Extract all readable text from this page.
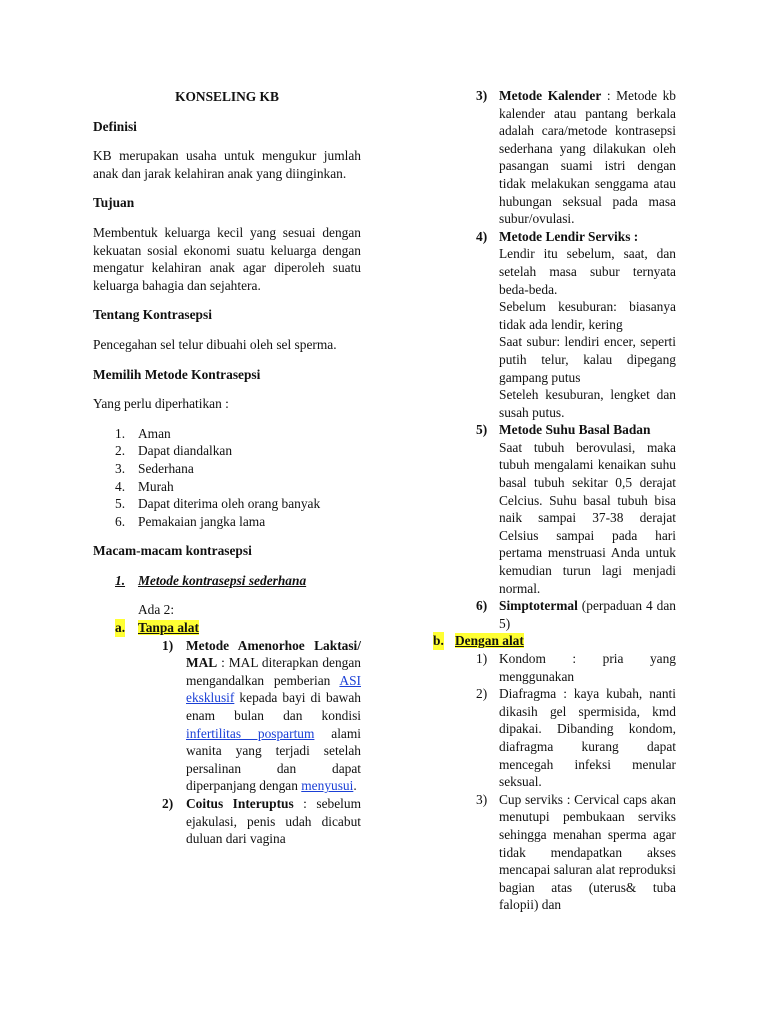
KONSELING KB

Definisi

KB merupakan usaha untuk mengukur jumlah anak dan jarak kelahiran anak yang diinginkan.

Tujuan

Membentuk keluarga kecil yang sesuai dengan kekuatan sosial ekonomi suatu keluarga dengan mengatur kelahiran anak agar diperoleh suatu keluarga bahagia dan sejahtera.

Tentang Kontrasepsi

Pencegahan sel telur dibuahi oleh sel sperma.

Memilih Metode Kontrasepsi

Yang perlu diperhatikan :

1. Aman
2. Dapat diandalkan
3. Sederhana
4. Murah
5. Dapat diterima oleh orang banyak
6. Pemakaian jangka lama

Macam-macam kontrasepsi

1. Metode kontrasepsi sederhana
Ada 2:
a. Tanpa alat
1) Metode Amenorhoe Laktasi/ MAL : MAL diterapkan dengan mengandalkan pemberian ASI eksklusif kepada bayi di bawah enam bulan dan kondisi infertilitas pospartum alami wanita yang terjadi setelah persalinan dan dapat diperpanjang dengan menyusui.
2) Coitus Interuptus : sebelum ejakulasi, penis udah dicabut duluan dari vagina
3) Metode Kalender : Metode kb kalender atau pantang berkala adalah cara/metode kontrasepsi sederhana yang dilakukan oleh pasangan suami istri dengan tidak melakukan senggama atau hubungan seksual pada masa subur/ovulasi.
4) Metode Lendir Serviks :

Lendir itu sebelum, saat, dan setelah masa subur ternyata beda-beda.

Sebelum kesuburan: biasanya tidak ada lendir, kering

Saat subur: lendiri encer, seperti putih telur, kalau dipegang gampang putus

Seteleh kesuburan, lengket dan susah putus.

5) Metode Suhu Basal Badan

Saat tubuh berovulasi, maka tubuh mengalami kenaikan suhu basal tubuh sekitar 0,5 derajat Celcius. Suhu basal tubuh bisa naik sampai 37-38 derajat Celsius sampai pada hari pertama menstruasi Anda untuk kemudian turun lagi menjadi normal.

6) Simptotermal (perpaduan 4 dan 5)
b. Dengan alat
1) Kondom : pria yang menggunakan
2) Diafragma : kaya kubah, nanti dikasih gel spermisida, kmd dipakai. Dibanding kondom, diafragma kurang dapat mencegah infeksi menular seksual.
3) Cup serviks : Cervical caps akan menutupi pembukaan serviks sehingga menahan sperma agar tidak mendapatkan akses mencapai saluran alat reproduksi bagian atas (uterus& tuba falopii) dan
